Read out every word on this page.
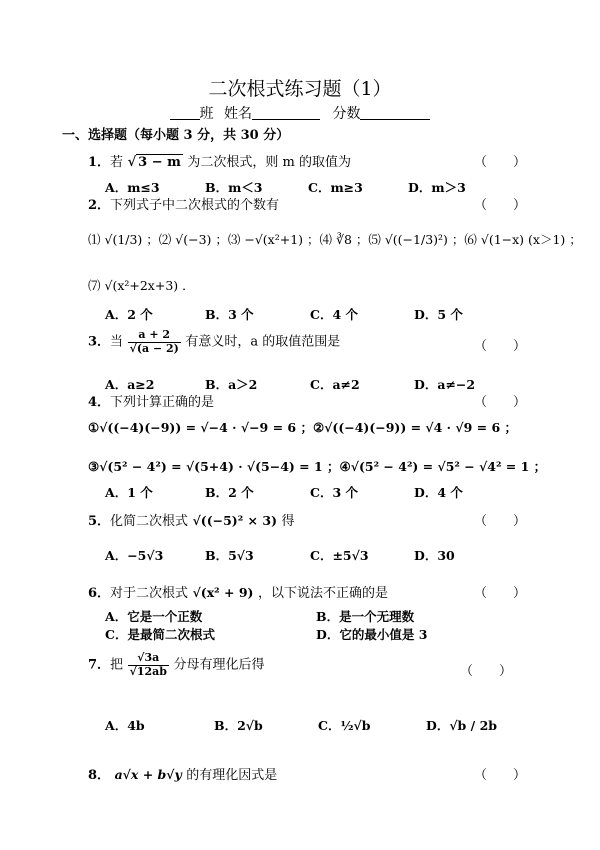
二次根式练习题（1）
班 姓名	分数
一、选择题（每小题 3 分，共 30 分）
1．若 √ 3 − m 为二次根式，则 m 的取值为	（　　）
A．m≤3	B．m＜3	C．m≥3	D．m＞3
2．下列式子中二次根式的个数有	（　　）
⑴ √(1/3) ；⑵ √(−3) ；⑶ −√(x²+1) ；⑷ ∛8 ；⑸ √((−1/3)²) ；⑹ √(1−x) (x＞1) ；
⑺ √(x²+2x+3) ．
A．2 个	B．3 个	C．4 个	D．5 个
3．当 $\frac{a + 2}{√(a - 2)}$ 有意义时，a 的取值范围是	（　　）
A．a≥2	B．a＞2	C．a≠2	D．a≠−2
4．下列计算正确的是	（　　）
①√((−4)(−9)) = √−4 · √−9 = 6 ；②√((−4)(−9)) = √4 · √9 = 6 ；
③√(5² − 4²) = √(5+4) · √(5−4) = 1 ；④√(5² − 4²) = √5² − √4² = 1 ；
A．1 个	B．2 个	C．3 个	D．4 个
5．化简二次根式 √((−5)² × 3) 得	（　　）
A．−5√3	B．5√3	C．±5√3	D．30
6．对于二次根式 √(x² + 9) ，以下说法不正确的是	（　　）
A．它是一个正数	B．是一个无理数
C．是最简二次根式	D．它的最小值是 3
7．把 $\frac{√3a}{√12ab}$ 分母有理化后得	（　　）
A．4b	B．2√b	C．½√b	D．√b / 2b
8． a√x + b√y 的有理化因式是	（　　）
